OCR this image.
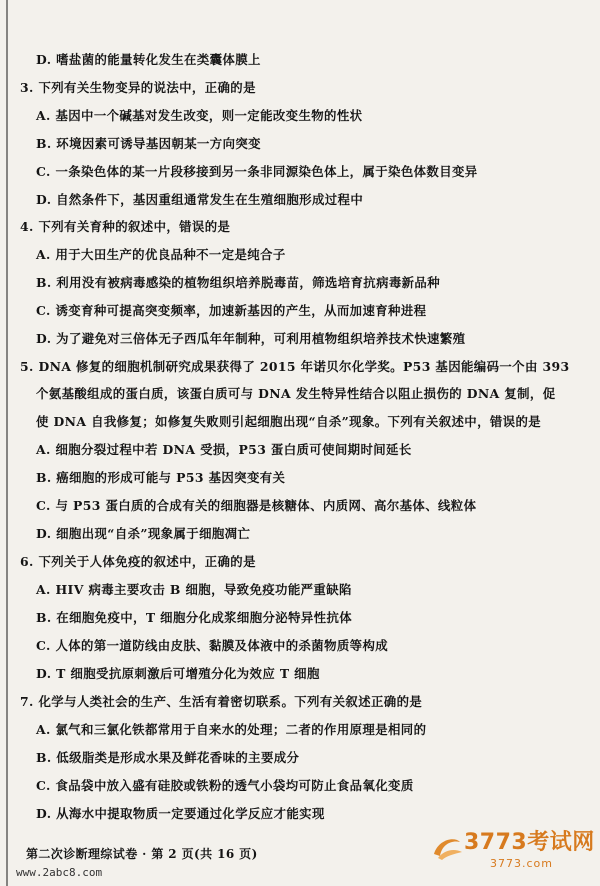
D. 嗜盐菌的能量转化发生在类囊体膜上
3. 下列有关生物变异的说法中，正确的是
A. 基因中一个碱基对发生改变，则一定能改变生物的性状
B. 环境因素可诱导基因朝某一方向突变
C. 一条染色体的某一片段移接到另一条非同源染色体上，属于染色体数目变异
D. 自然条件下，基因重组通常发生在生殖细胞形成过程中
4. 下列有关育种的叙述中，错误的是
A. 用于大田生产的优良品种不一定是纯合子
B. 利用没有被病毒感染的植物组织培养脱毒苗，筛选培育抗病毒新品种
C. 诱变育种可提高突变频率，加速新基因的产生，从而加速育种进程
D. 为了避免对三倍体无子西瓜年年制种，可利用植物组织培养技术快速繁殖
5. DNA 修复的细胞机制研究成果获得了 2015 年诺贝尔化学奖。P53 基因能编码一个由 393
个氨基酸组成的蛋白质，该蛋白质可与 DNA 发生特异性结合以阻止损伤的 DNA 复制，促
使 DNA 自我修复；如修复失败则引起细胞出现“自杀”现象。下列有关叙述中，错误的是
A. 细胞分裂过程中若 DNA 受损，P53 蛋白质可使间期时间延长
B. 癌细胞的形成可能与 P53 基因突变有关
C. 与 P53 蛋白质的合成有关的细胞器是核糖体、内质网、高尔基体、线粒体
D. 细胞出现“自杀”现象属于细胞凋亡
6. 下列关于人体免疫的叙述中，正确的是
A. HIV 病毒主要攻击 B 细胞，导致免疫功能严重缺陷
B. 在细胞免疫中，T 细胞分化成浆细胞分泌特异性抗体
C. 人体的第一道防线由皮肤、黏膜及体液中的杀菌物质等构成
D. T 细胞受抗原刺激后可增殖分化为效应 T 细胞
7. 化学与人类社会的生产、生活有着密切联系。下列有关叙述正确的是
A. 氯气和三氯化铁都常用于自来水的处理；二者的作用原理是相同的
B. 低级脂类是形成水果及鲜花香味的主要成分
C. 食品袋中放入盛有硅胶或铁粉的透气小袋均可防止食品氧化变质
D. 从海水中提取物质一定要通过化学反应才能实现
第二次诊断理综试卷 · 第 2 页(共 16 页)
www.2abc8.com
3773考试网
3773.com
